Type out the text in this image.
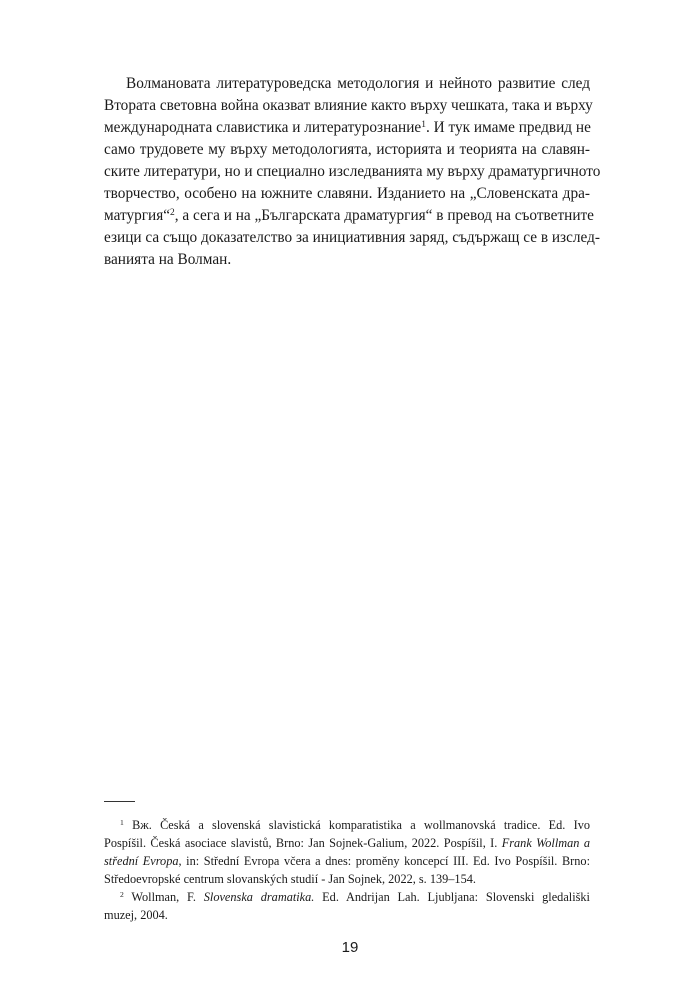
Волмановата литературоведска методология и нейното развитие след

Втората световна война оказват влияние както върху чешката, така и върху

международната славистика и литературознание$^1$. И тук имаме предвид не

само трудовете му върху методологията, историята и теорията на славян-

ските литератури, но и специално изследванията му върху драматургичното

творчество, особено на южните славяни. Изданието на „Словенската дра-

матургия“$^2$, а сега и на „Българската драматургия“ в превод на съответните

езици са също доказателство за инициативния заряд, съдържащ се в изслед-

ванията на Волман.

$^1$ Вж. Česká a slovenská slavistická komparatistika a wollmanovská tradice. Ed. Ivo

Pospíšil. Česká asociace slavistů, Brno: Jan Sojnek-Galium, 2022. Pospíšil, I. Frank Wollman a

střední Evropa, in: Střední Evropa včera a dnes: proměny koncepcí III. Ed. Ivo Pospíšil. Brno:

Středoevropské centrum slovanských studií - Jan Sojnek, 2022, s. 139–154.

$^2$ Wollman, F. Slovenska dramatika. Ed. Andrijan Lah. Ljubljana: Slovenski gledališki

muzej, 2004.

19
